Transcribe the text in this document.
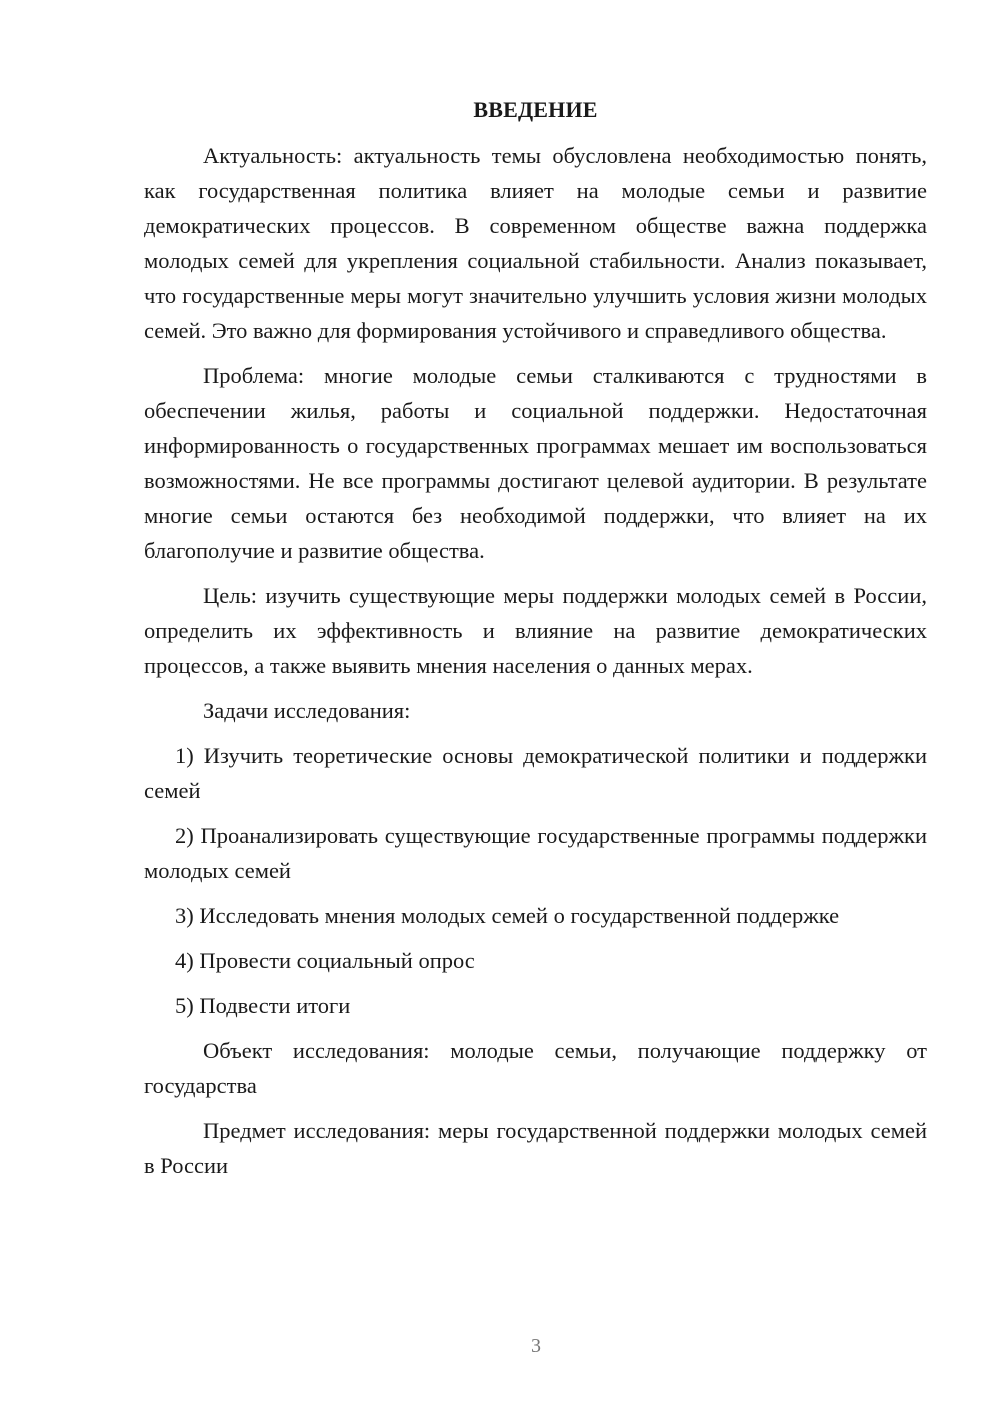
ВВЕДЕНИЕ

Актуальность: актуальность темы обусловлена необходимостью понять, как государственная политика влияет на молодые семьи и развитие демократических процессов. В современном обществе важна поддержка молодых семей для укрепления социальной стабильности. Анализ показывает, что государственные меры могут значительно улучшить условия жизни молодых семей. Это важно для формирования устойчивого и справедливого общества.

Проблема: многие молодые семьи сталкиваются с трудностями в обеспечении жилья, работы и социальной поддержки. Недостаточная информированность о государственных программах мешает им воспользоваться возможностями. Не все программы достигают целевой аудитории. В результате многие семьи остаются без необходимой поддержки, что влияет на их благополучие и развитие общества.

Цель: изучить существующие меры поддержки молодых семей в России, определить их эффективность и влияние на развитие демократических процессов, а также выявить мнения населения о данных мерах.

Задачи исследования:

1) Изучить теоретические основы демократической политики и поддержки семей

2) Проанализировать существующие государственные программы поддержки молодых семей

3) Исследовать мнения молодых семей о государственной поддержке

4) Провести социальный опрос

5) Подвести итоги

Объект исследования: молодые семьи, получающие поддержку от государства

Предмет исследования: меры государственной поддержки молодых семей в России

3
